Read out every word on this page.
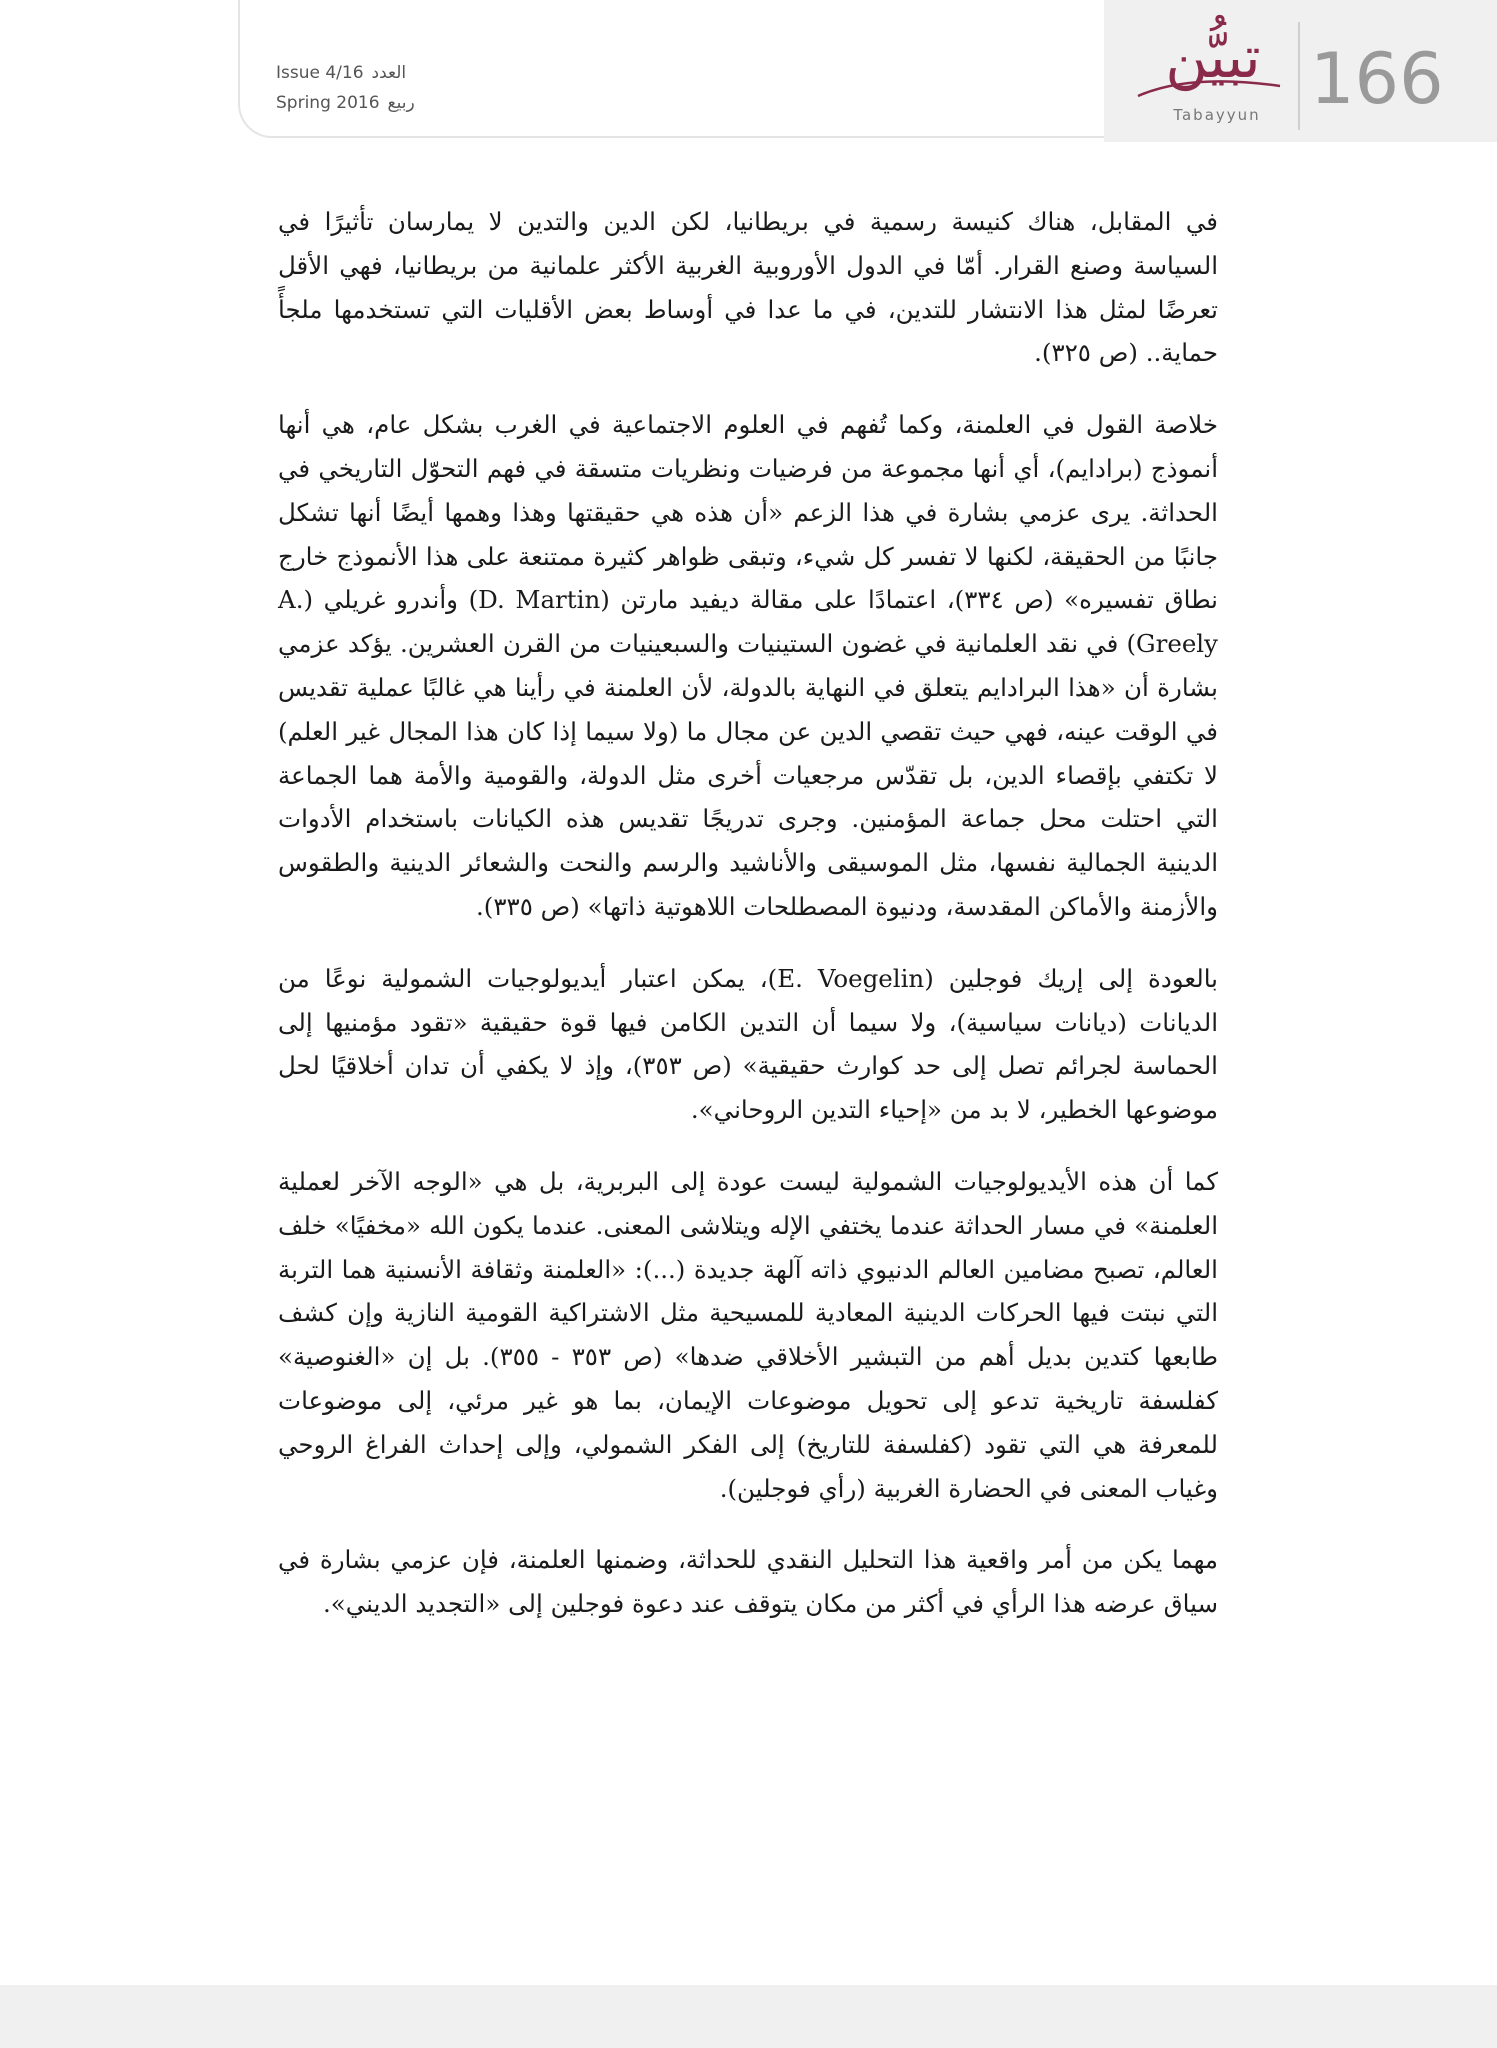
Issue 4/16 العدد
Spring 2016 ربيع
تبيُّن
Tabayyun 166

في المقابل، هناك كنيسة رسمية في بريطانيا، لكن الدين والتدين لا يمارسان تأثيرًا في السياسة وصنع القرار. أمّا في الدول الأوروبية الغربية الأكثر علمانية من بريطانيا، فهي الأقل تعرضًا لمثل هذا الانتشار للتدين، في ما عدا في أوساط بعض الأقليات التي تستخدمها ملجأً حماية.. (ص ٣٢٥).

خلاصة القول في العلمنة، وكما تُفهم في العلوم الاجتماعية في الغرب بشكل عام، هي أنها أنموذج (برادايم)، أي أنها مجموعة من فرضيات ونظريات متسقة في فهم التحوّل التاريخي في الحداثة. يرى عزمي بشارة في هذا الزعم «أن هذه هي حقيقتها وهذا وهمها أيضًا أنها تشكل جانبًا من الحقيقة، لكنها لا تفسر كل شيء، وتبقى ظواهر كثيرة ممتنعة على هذا الأنموذج خارج نطاق تفسيره» (ص ٣٣٤)، اعتمادًا على مقالة ديفيد مارتن (D. Martin) وأندرو غريلي (A. Greely) في نقد العلمانية في غضون الستينيات والسبعينيات من القرن العشرين. يؤكد عزمي بشارة أن «هذا البرادايم يتعلق في النهاية بالدولة، لأن العلمنة في رأينا هي غالبًا عملية تقديس في الوقت عينه، فهي حيث تقصي الدين عن مجال ما (ولا سيما إذا كان هذا المجال غير العلم) لا تكتفي بإقصاء الدين، بل تقدّس مرجعيات أخرى مثل الدولة، والقومية والأمة هما الجماعة التي احتلت محل جماعة المؤمنين. وجرى تدريجًا تقديس هذه الكيانات باستخدام الأدوات الدينية الجمالية نفسها، مثل الموسيقى والأناشيد والرسم والنحت والشعائر الدينية والطقوس والأزمنة والأماكن المقدسة، ودنيوة المصطلحات اللاهوتية ذاتها» (ص ٣٣٥).

بالعودة إلى إريك فوجلين (E. Voegelin)، يمكن اعتبار أيديولوجيات الشمولية نوعًا من الديانات (ديانات سياسية)، ولا سيما أن التدين الكامن فيها قوة حقيقية «تقود مؤمنيها إلى الحماسة لجرائم تصل إلى حد كوارث حقيقية» (ص ٣٥٣)، وإذ لا يكفي أن تدان أخلاقيًا لحل موضوعها الخطير، لا بد من «إحياء التدين الروحاني».

كما أن هذه الأيديولوجيات الشمولية ليست عودة إلى البربرية، بل هي «الوجه الآخر لعملية العلمنة» في مسار الحداثة عندما يختفي الإله ويتلاشى المعنى. عندما يكون الله «مخفيًا» خلف العالم، تصبح مضامين العالم الدنيوي ذاته آلهة جديدة (...): «العلمنة وثقافة الأنسنية هما التربة التي نبتت فيها الحركات الدينية المعادية للمسيحية مثل الاشتراكية القومية النازية وإن كشف طابعها كتدين بديل أهم من التبشير الأخلاقي ضدها» (ص ٣٥٣ - ٣٥٥). بل إن «الغنوصية» كفلسفة تاريخية تدعو إلى تحويل موضوعات الإيمان، بما هو غير مرئي، إلى موضوعات للمعرفة هي التي تقود (كفلسفة للتاريخ) إلى الفكر الشمولي، وإلى إحداث الفراغ الروحي وغياب المعنى في الحضارة الغربية (رأي فوجلين).

مهما يكن من أمر واقعية هذا التحليل النقدي للحداثة، وضمنها العلمنة، فإن عزمي بشارة في سياق عرضه هذا الرأي في أكثر من مكان يتوقف عند دعوة فوجلين إلى «التجديد الديني».
